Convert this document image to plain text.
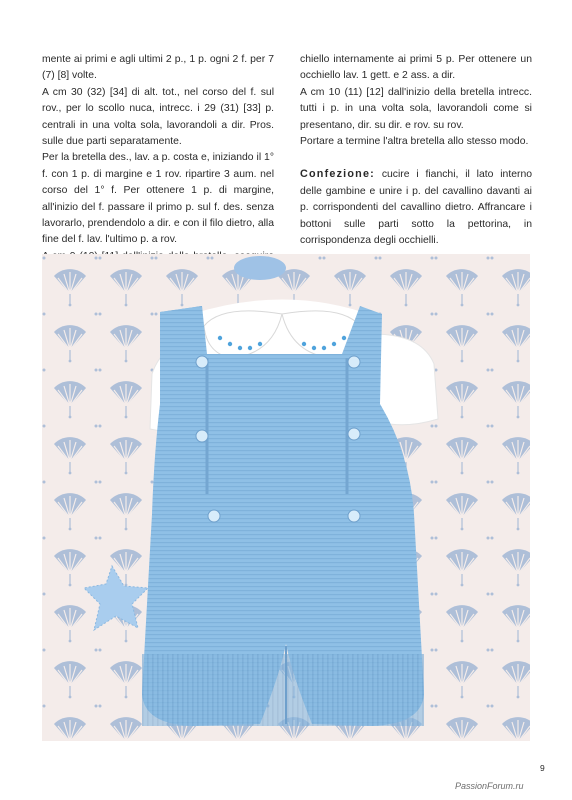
mente ai primi e agli ultimi 2 p., 1 p. ogni 2 f. per 7 (7) [8] volte.

A cm 30 (32) [34] di alt. tot., nel corso del f. sul rov., per lo scollo nuca, intrecc. i 29 (31) [33] p. centrali in una volta sola, lavorandoli a dir. Pros. sulle due parti separatamente.

Per la bretella des., lav. a p. costa e, iniziando il 1° f. con 1 p. di margine e 1 rov. ripartire 3 aum. nel corso del 1° f. Per ottenere 1 p. di margine, all'inizio del f. passare il primo p. sul f. des. senza lavorarlo, prendendolo a dir. e con il filo dietro, alla fine del f. lav. l'ultimo p. a rov.

chiello internamente ai primi 5 p. Per ottenere un occhiello lav. 1 gett. e 2 ass. a dir.

A cm 10 (11) [12] dall'inizio della bretella intrecc. tutti i p. in una volta sola, lavorandoli come si presentano, dir. su dir. e rov. su rov.

Portare a termine l'altra bretella allo stesso modo.

Confezione: cucire i fianchi, il lato interno delle gambine e unire i p. del cavallino davanti ai p. corrispondenti del cavallino dietro. Affrancare i bottoni sulle parti sotto la pettorina, in corrispondenza degli occhielli.

9
PassionForum.ru
